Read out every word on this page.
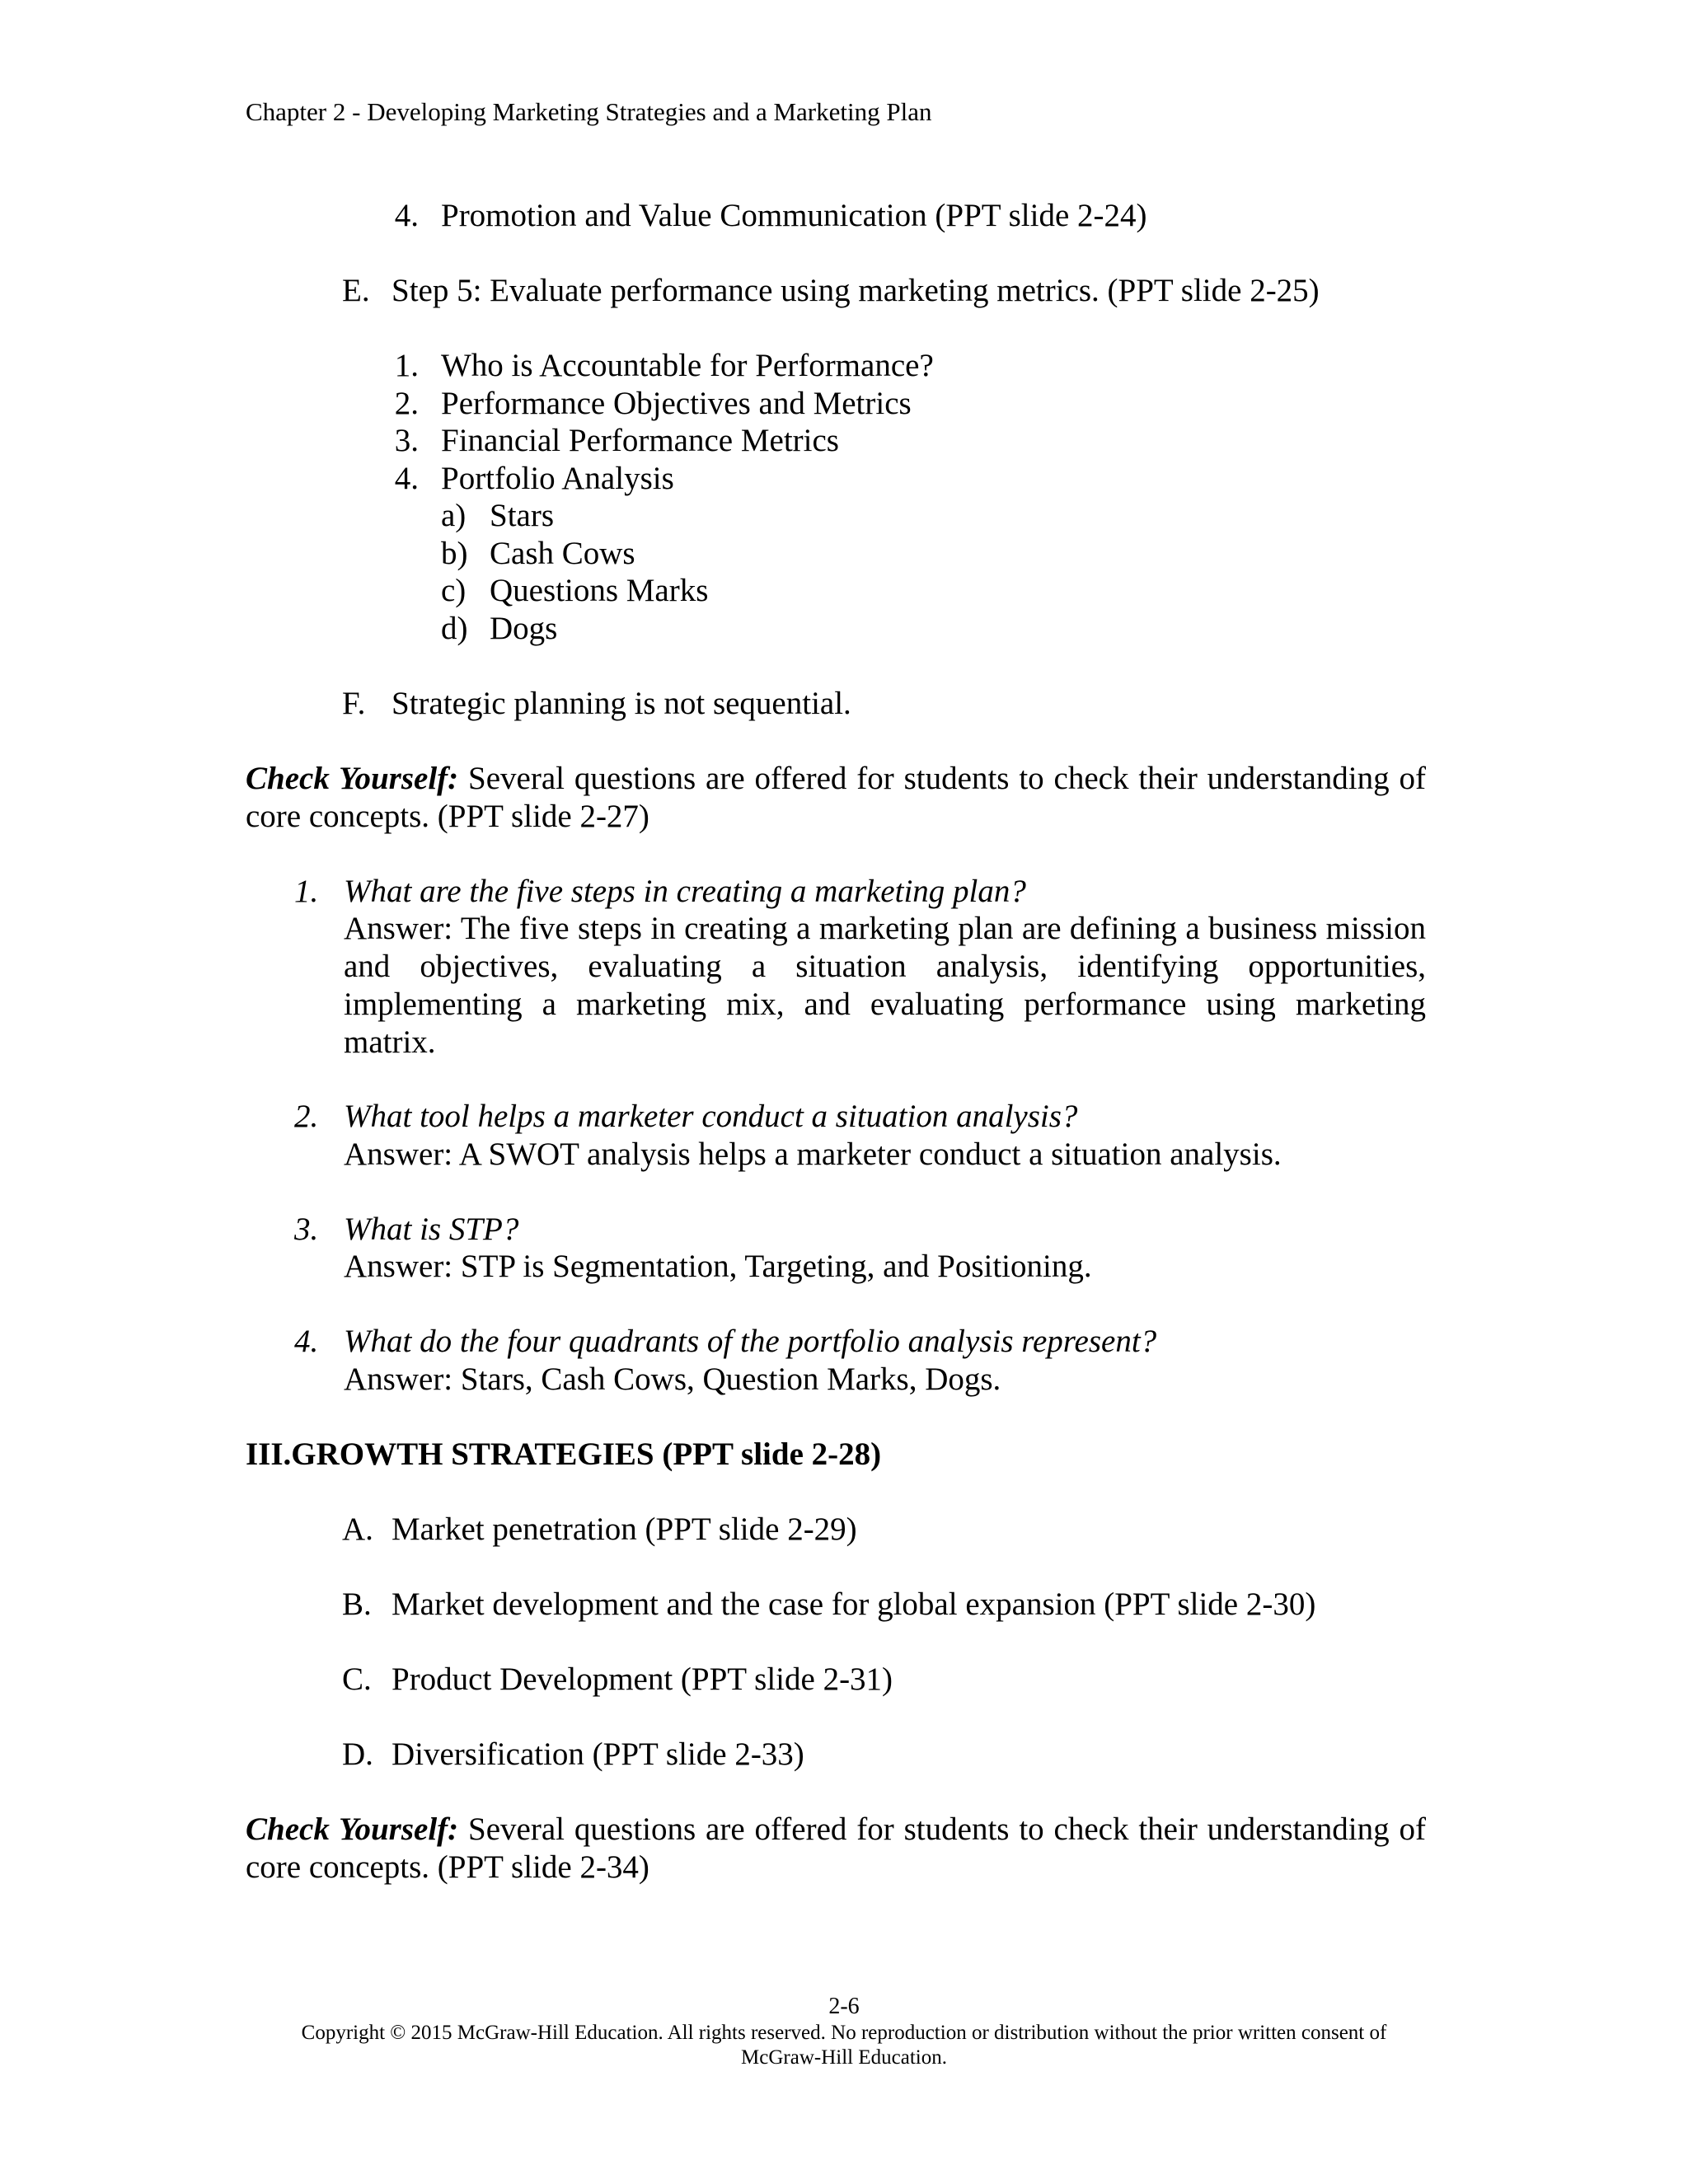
Chapter 2 - Developing Marketing Strategies and a Marketing Plan
4. Promotion and Value Communication (PPT slide 2-24)
E. Step 5: Evaluate performance using marketing metrics. (PPT slide 2-25)
1. Who is Accountable for Performance?
2. Performance Objectives and Metrics
3. Financial Performance Metrics
4. Portfolio Analysis
a) Stars
b) Cash Cows
c) Questions Marks
d) Dogs
F. Strategic planning is not sequential.
Check Yourself: Several questions are offered for students to check their understanding of core concepts. (PPT slide 2-27)
1. What are the five steps in creating a marketing plan?
Answer: The five steps in creating a marketing plan are defining a business mission and objectives, evaluating a situation analysis, identifying opportunities, implementing a marketing mix, and evaluating performance using marketing matrix.
2. What tool helps a marketer conduct a situation analysis?
Answer: A SWOT analysis helps a marketer conduct a situation analysis.
3. What is STP?
Answer: STP is Segmentation, Targeting, and Positioning.
4. What do the four quadrants of the portfolio analysis represent?
Answer: Stars, Cash Cows, Question Marks, Dogs.
III.GROWTH STRATEGIES (PPT slide 2-28)
A. Market penetration (PPT slide 2-29)
B. Market development and the case for global expansion (PPT slide 2-30)
C. Product Development (PPT slide 2-31)
D. Diversification (PPT slide 2-33)
Check Yourself: Several questions are offered for students to check their understanding of core concepts. (PPT slide 2-34)
2-6
Copyright © 2015 McGraw-Hill Education. All rights reserved. No reproduction or distribution without the prior written consent of
McGraw-Hill Education.
